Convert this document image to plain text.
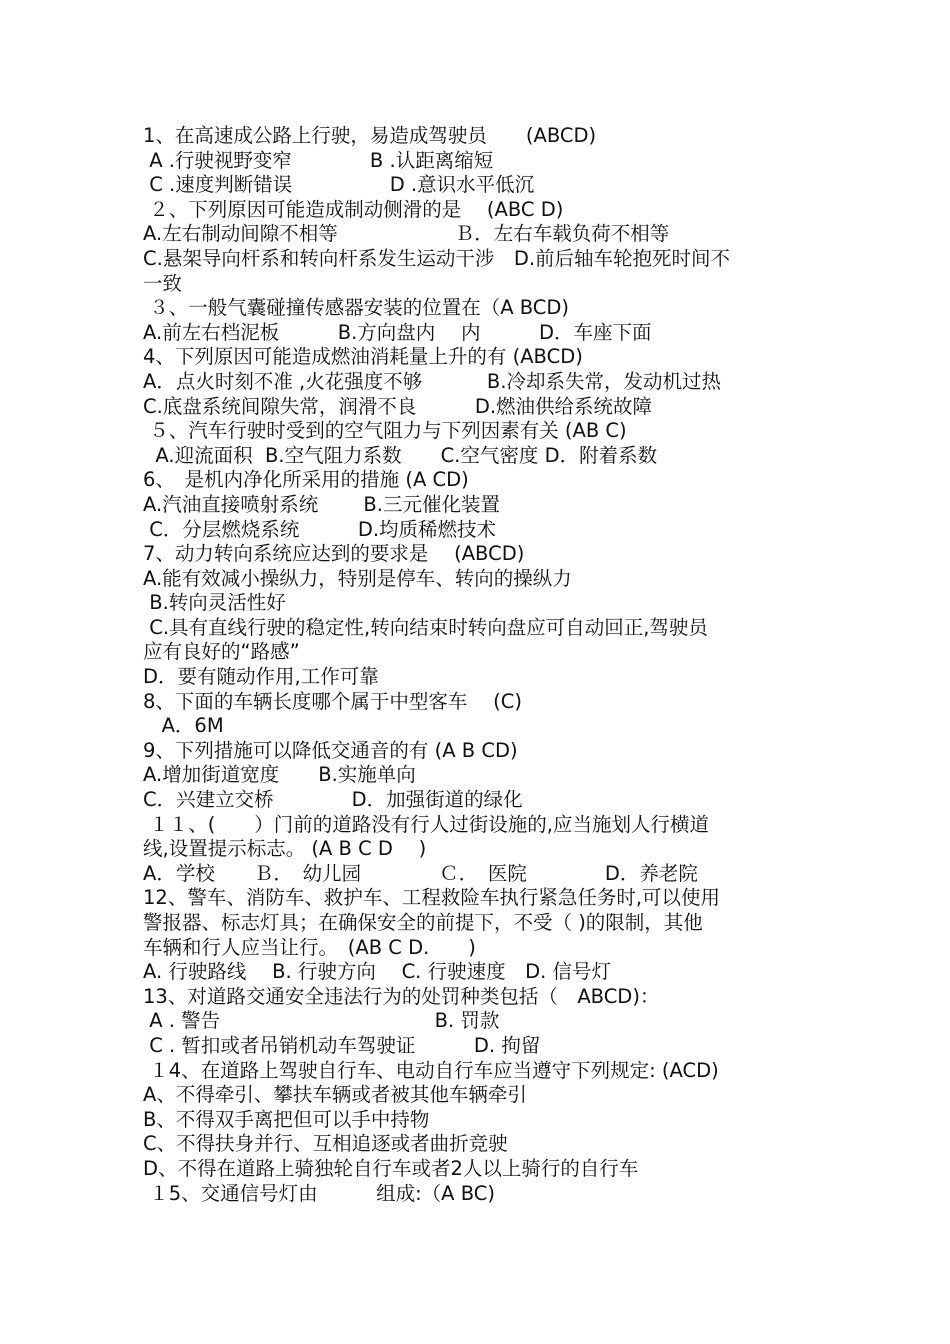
1、在高速成公路上行驶，易造成驾驶员　　(ABCD)
A .行驶视野变窄　　　　B .认距离缩短
C .速度判断错误　　　　　D .意识水平低沉
２、下列原因可能造成制动侧滑的是　 (ABC D)
A.左右制动间隙不相等　　　　　　Ｂ．左右车载负荷不相等
C.悬架导向杆系和转向杆系发生运动干涉　D.前后轴车轮抱死时间不
一致
３、一般气囊碰撞传感器安装的位置在（A BCD)
A.前左右档泥板　　　B.方向盘内　 内　　　D．车座下面
4、下列原因可能造成燃油消耗量上升的有 (ABCD)
A．点火时刻不准 ,火花强度不够　　　 B.冷却系失常，发动机过热
C.底盘系统间隙失常，润滑不良　　　D.燃油供给系统故障
５、汽车行驶时受到的空气阻力与下列因素有关 (AB C)
A.迎流面积  B.空气阻力系数　　C.空气密度 D．附着系数
6、　是机内净化所采用的措施 (A CD)
A.汽油直接喷射系统　　 B.三元催化装置
C．分层燃烧系统　　　D.均质稀燃技术
7、动力转向系统应达到的要求是　 (ABCD)
A.能有效减小操纵力，特别是停车、转向的操纵力
B.转向灵活性好
C.具有直线行驶的稳定性,转向结束时转向盘应可自动回正,驾驶员
应有良好的“路感”
D．要有随动作用,工作可靠
8、下面的车辆长度哪个属于中型客车　 (C)
A．6M
9、下列措施可以降低交通音的有 (A B CD)
A.增加街道宽度　　B.实施单向
C．兴建立交桥　　　　D．加强街道的绿化
１１、(　　）门前的道路没有行人过街设施的,应当施划人行横道
线,设置提示标志。 (A B C D　 )
A．学校　　Ｂ．　幼儿园　　　　Ｃ．　医院　　　　D．养老院
12、警车、消防车、救护车、工程救险车执行紧急任务时,可以使用
警报器、标志灯具；在确保安全的前提下，不受（ )的限制，其他
车辆和行人应当让行。　(AB C D.　　)
A. 行驶路线　 B. 行驶方向　 C. 行驶速度　D. 信号灯
13、对道路交通安全违法行为的处罚种类包括（　ABCD)：
A . 警告　　　　　　　　　　　B. 罚款
C . 暂扣或者吊销机动车驾驶证　　　D. 拘留
１4、在道路上驾驶自行车、电动自行车应当遵守下列规定: (ACD)
A、不得牵引、攀扶车辆或者被其他车辆牵引
B、不得双手离把但可以手中持物
C、不得扶身并行、互相追逐或者曲折竞驶
D、不得在道路上骑独轮自行车或者2人以上骑行的自行车
１5、交通信号灯由　　　组成:（A BC)
